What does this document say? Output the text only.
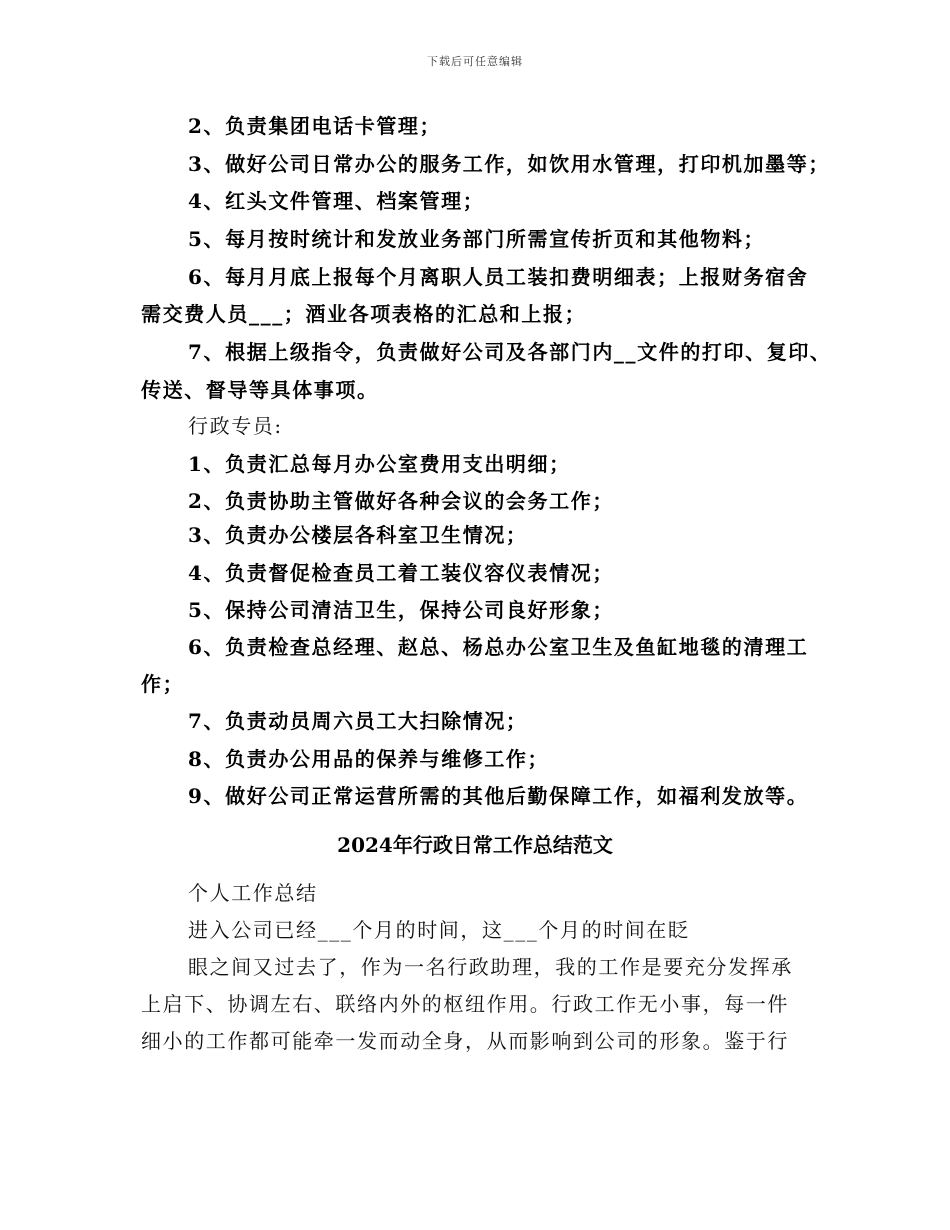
下载后可任意编辑
2、负责集团电话卡管理；
3、做好公司日常办公的服务工作，如饮用水管理，打印机加墨等；
4、红头文件管理、档案管理；
5、每月按时统计和发放业务部门所需宣传折页和其他物料；
6、每月月底上报每个月离职人员工装扣费明细表；上报财务宿舍
需交费人员___；酒业各项表格的汇总和上报；
7、根据上级指令，负责做好公司及各部门内__文件的打印、复印、
传送、督导等具体事项。
行政专员:
1、负责汇总每月办公室费用支出明细；
2、负责协助主管做好各种会议的会务工作；
3、负责办公楼层各科室卫生情况；
4、负责督促检查员工着工装仪容仪表情况；
5、保持公司清洁卫生，保持公司良好形象；
6、负责检查总经理、赵总、杨总办公室卫生及鱼缸地毯的清理工
作；
7、负责动员周六员工大扫除情况；
8、负责办公用品的保养与维修工作；
9、做好公司正常运营所需的其他后勤保障工作，如福利发放等。
2024年行政日常工作总结范文
个人工作总结
进入公司已经___个月的时间，这___个月的时间在眨
眼之间又过去了，作为一名行政助理，我的工作是要充分发挥承
上启下、协调左右、联络内外的枢纽作用。行政工作无小事，每一件
细小的工作都可能牵一发而动全身，从而影响到公司的形象。鉴于行
